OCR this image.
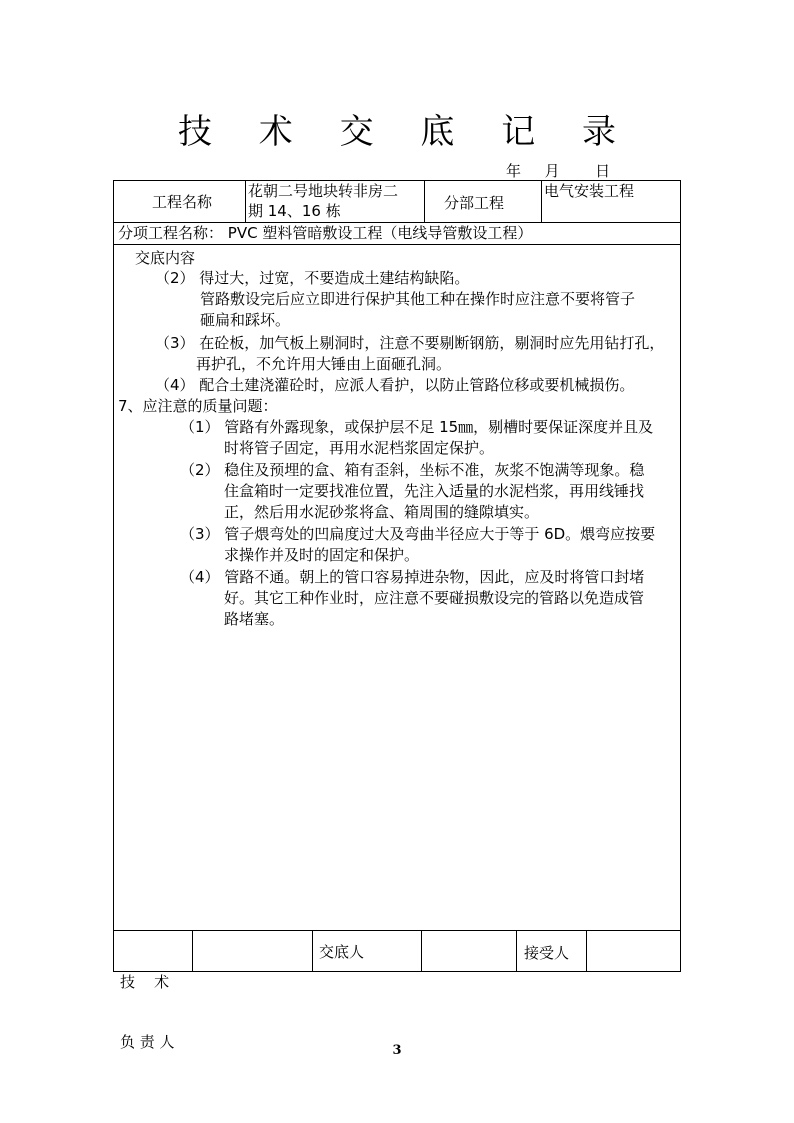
技 术 交 底 记 录
年 月 日
工程名称
花朝二号地块转非房二
期 14、16 栋	分部工程
电气安装工程
分项工程名称： PVC 塑料管暗敷设工程（电线导管敷设工程）
交底内容
（2） 得过大，过宽，不要造成土建结构缺陷。
管路敷设完后应立即进行保护其他工种在操作时应注意不要将管子
砸扁和踩坏。
（3） 在砼板，加气板上剔洞时，注意不要剔断钢筋，剔洞时应先用钻打孔，
再护孔，不允许用大锤由上面砸孔洞。
（4） 配合土建浇灌砼时，应派人看护，以防止管路位移或要机械损伤。
7、应注意的质量问题：
（1） 管路有外露现象，或保护层不足 15㎜，剔槽时要保证深度并且及
时将管子固定，再用水泥档浆固定保护。
（2） 稳住及预埋的盒、箱有歪斜，坐标不准，灰浆不饱满等现象。稳
住盒箱时一定要找准位置，先注入适量的水泥档浆，再用线锤找
正，然后用水泥砂浆将盒、箱周围的缝隙填实。
（3） 管子煨弯处的凹扁度过大及弯曲半径应大于等于 6D。煨弯应按要
求操作并及时的固定和保护。
（4） 管路不通。朝上的管口容易掉进杂物，因此，应及时将管口封堵
好。其它工种作业时，应注意不要碰损敷设完的管路以免造成管
路堵塞。

技    术

负 责 人

交底人	接受人
3
